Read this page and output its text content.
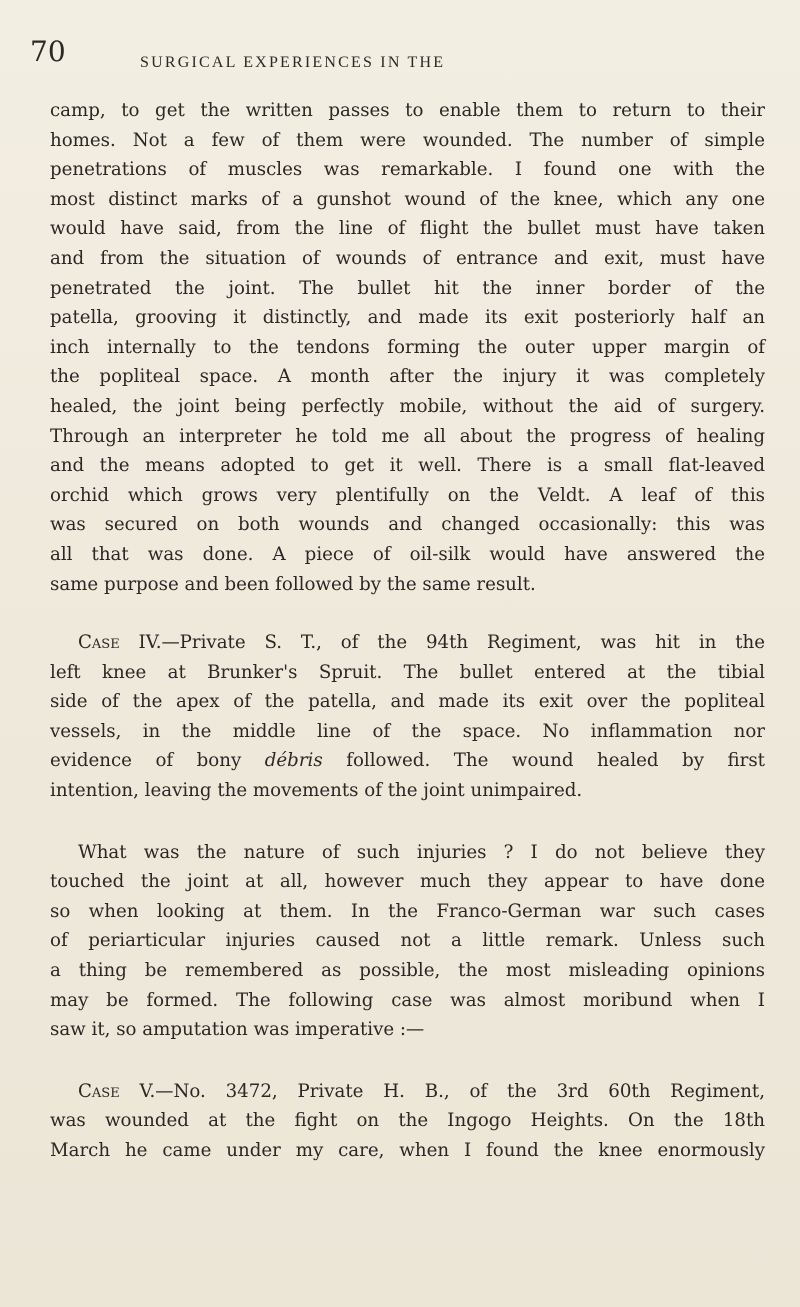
70	SURGICAL EXPERIENCES IN THE

camp, to get the written passes to enable them to return to their
homes. Not a few of them were wounded. The number of simple
penetrations of muscles was remarkable. I found one with the
most distinct marks of a gunshot wound of the knee, which any one
would have said, from the line of flight the bullet must have taken
and from the situation of wounds of entrance and exit, must have
penetrated the joint. The bullet hit the inner border of the
patella, grooving it distinctly, and made its exit posteriorly half an
inch internally to the tendons forming the outer upper margin of
the popliteal space. A month after the injury it was completely
healed, the joint being perfectly mobile, without the aid of surgery.
Through an interpreter he told me all about the progress of healing
and the means adopted to get it well. There is a small flat-leaved
orchid which grows very plentifully on the Veldt. A leaf of this
was secured on both wounds and changed occasionally: this was
all that was done. A piece of oil-silk would have answered the
same purpose and been followed by the same result.

Case IV.—Private S. T., of the 94th Regiment, was hit in the
left knee at Brunker's Spruit. The bullet entered at the tibial
side of the apex of the patella, and made its exit over the popliteal
vessels, in the middle line of the space. No inflammation nor
evidence of bony débris followed. The wound healed by first
intention, leaving the movements of the joint unimpaired.

What was the nature of such injuries ? I do not believe they
touched the joint at all, however much they appear to have done
so when looking at them. In the Franco-German war such cases
of periarticular injuries caused not a little remark. Unless such
a thing be remembered as possible, the most misleading opinions
may be formed. The following case was almost moribund when I
saw it, so amputation was imperative :—

Case V.—No. 3472, Private H. B., of the 3rd 60th Regiment,
was wounded at the fight on the Ingogo Heights. On the 18th
March he came under my care, when I found the knee enormously
